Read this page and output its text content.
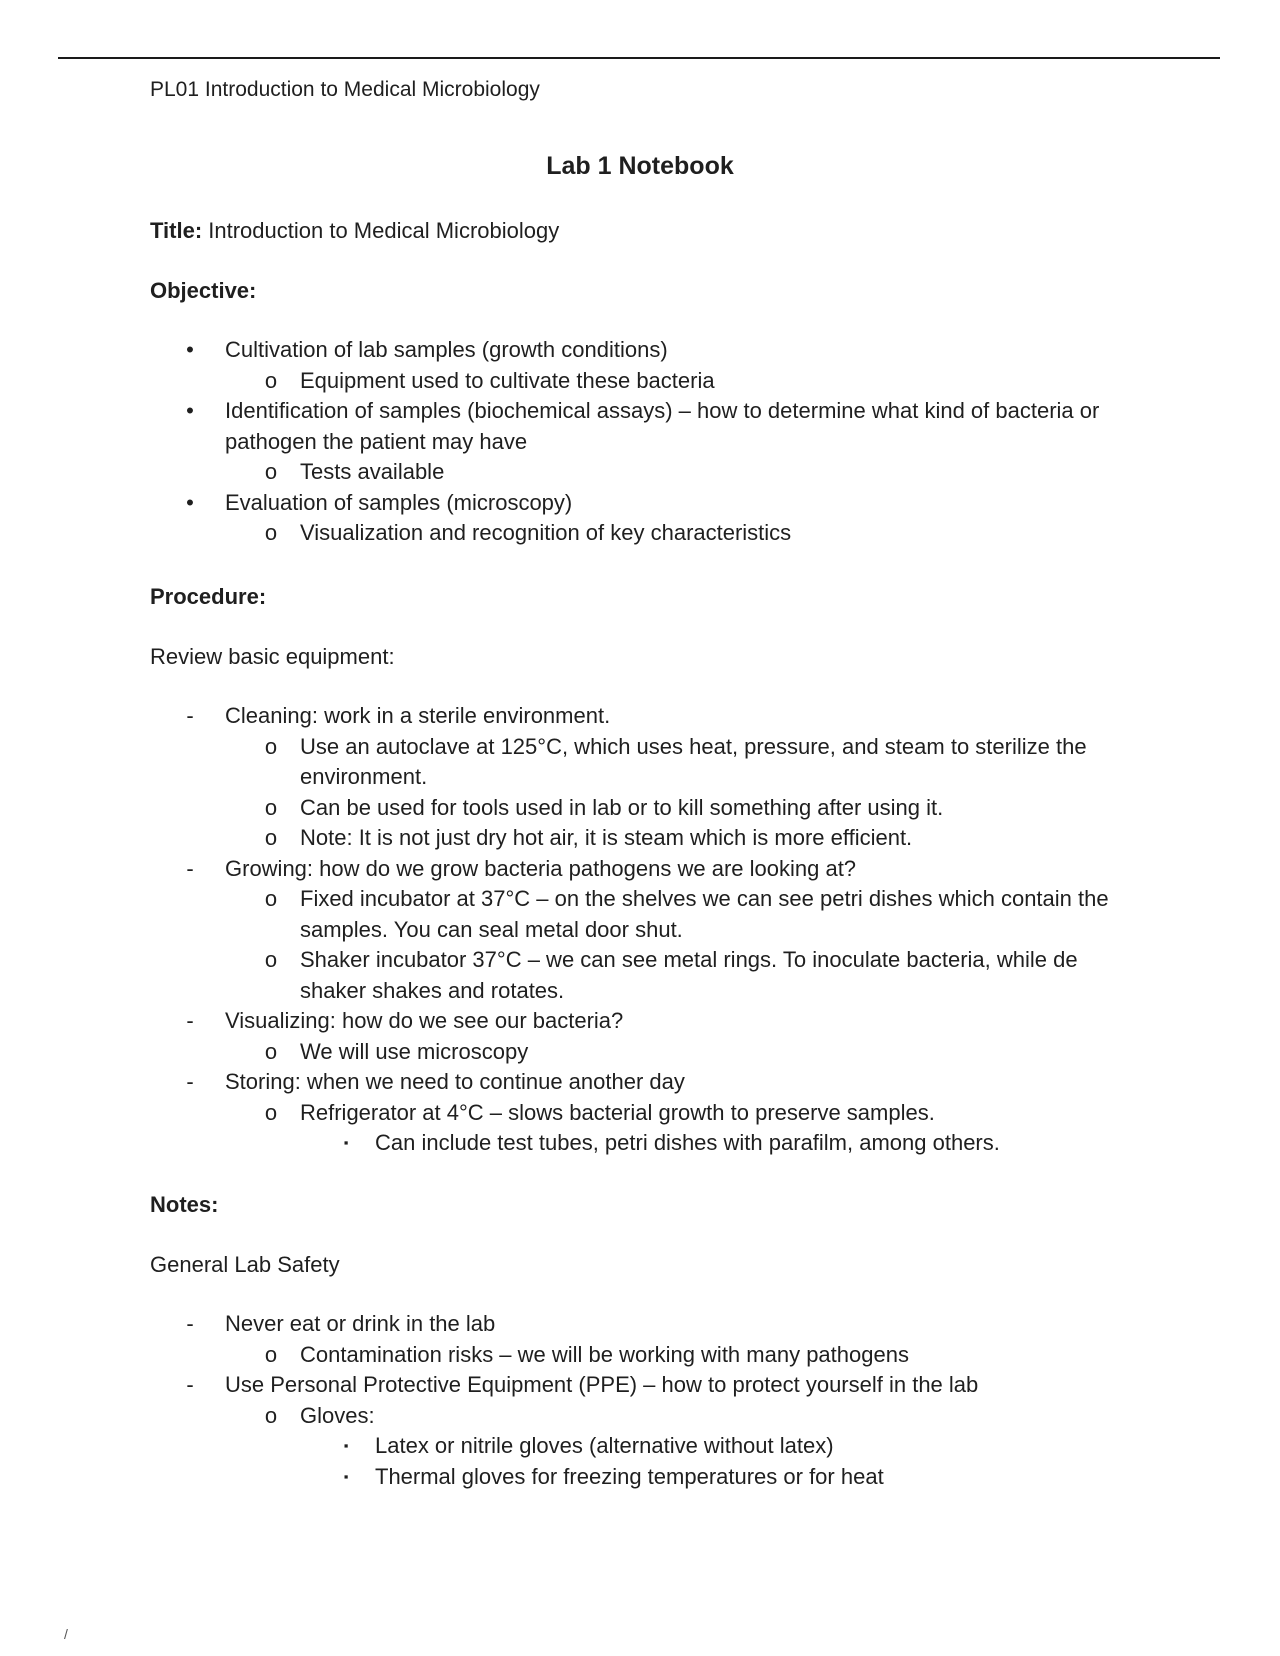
PL01 Introduction to Medical Microbiology
Lab 1 Notebook
Title: Introduction to Medical Microbiology
Objective:
• Cultivation of lab samples (growth conditions)
o Equipment used to cultivate these bacteria
• Identification of samples (biochemical assays) – how to determine what kind of bacteria or pathogen the patient may have
o Tests available
• Evaluation of samples (microscopy)
o Visualization and recognition of key characteristics
Procedure:
Review basic equipment:
- Cleaning: work in a sterile environment.
o Use an autoclave at 125°C, which uses heat, pressure, and steam to sterilize the environment.
o Can be used for tools used in lab or to kill something after using it.
o Note: It is not just dry hot air, it is steam which is more efficient.
- Growing: how do we grow bacteria pathogens we are looking at?
o Fixed incubator at 37°C – on the shelves we can see petri dishes which contain the samples. You can seal metal door shut.
o Shaker incubator 37°C – we can see metal rings. To inoculate bacteria, while de shaker shakes and rotates.
- Visualizing: how do we see our bacteria?
o We will use microscopy
- Storing: when we need to continue another day
o Refrigerator at 4°C – slows bacterial growth to preserve samples.
▪	Can include test tubes, petri dishes with parafilm, among others.
Notes:
General Lab Safety
- Never eat or drink in the lab
o Contamination risks – we will be working with many pathogens
- Use Personal Protective Equipment (PPE) – how to protect yourself in the lab
o Gloves:
▪	Latex or nitrile gloves (alternative without latex)
▪	Thermal gloves for freezing temperatures or for heat
/
